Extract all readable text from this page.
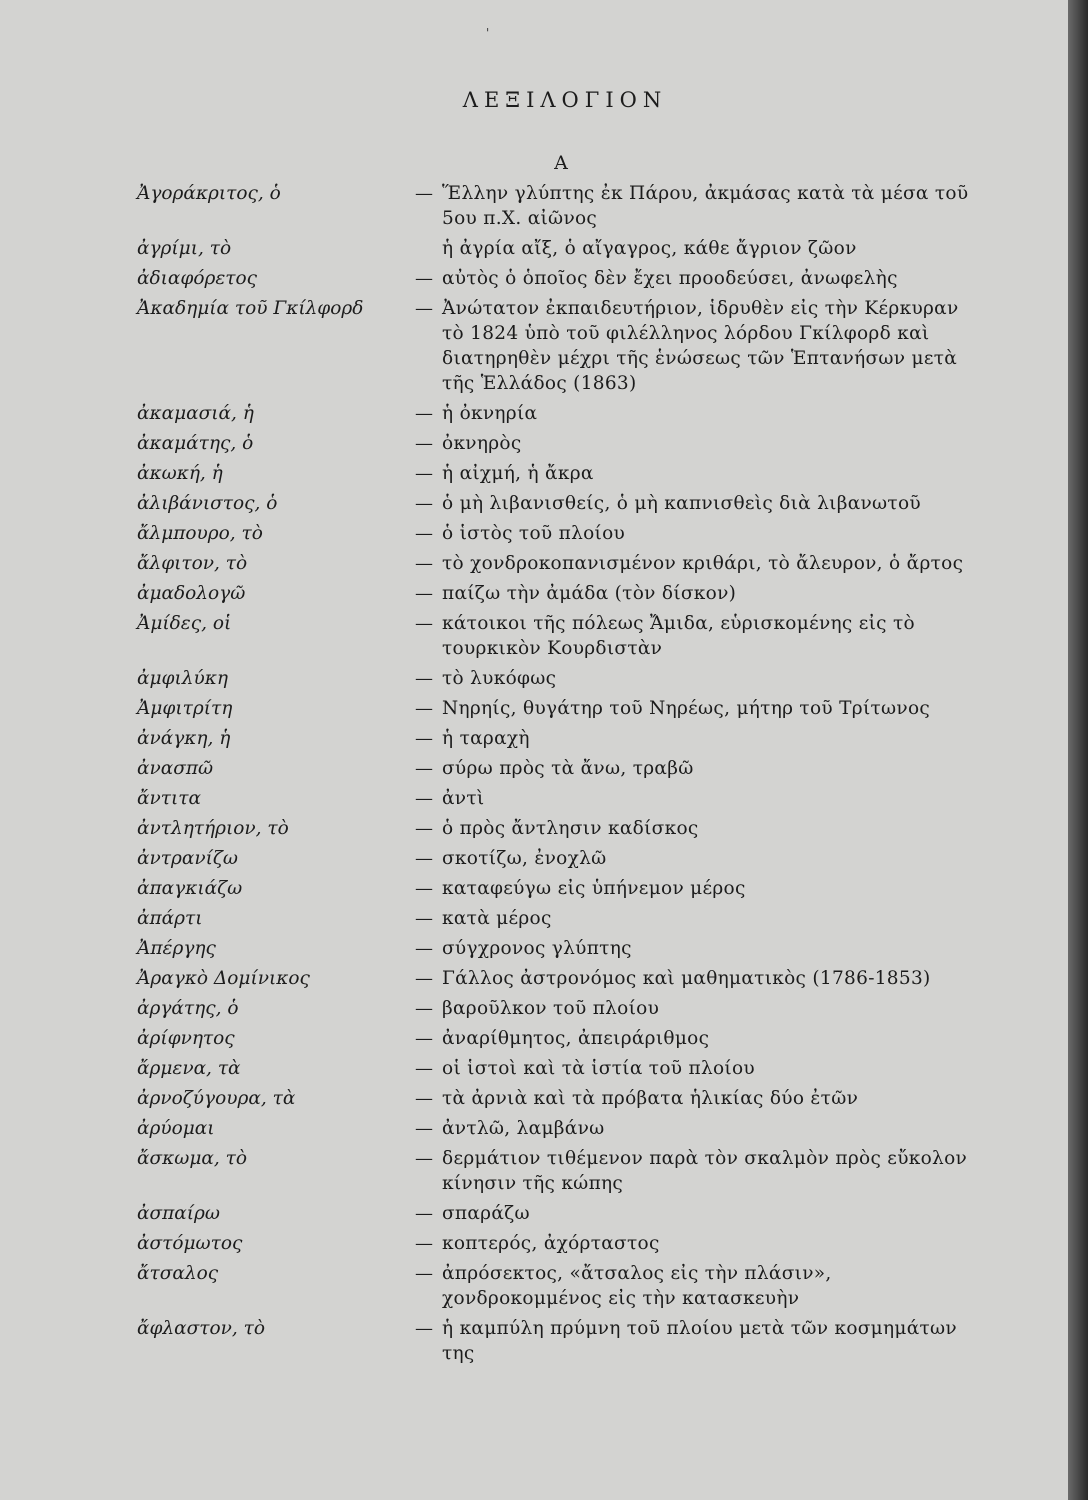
'
ΛΕΞΙΛΟΓΙΟΝ
Α
Ἀγοράκριτος, ὁ	— Ἕλλην γλύπτης ἐκ Πάρου, ἀκμάσας κατὰ τὰ μέσα τοῦ 5ου π.Χ. αἰῶνος
ἀγρίμι, τὸ	ἡ ἀγρία αἴξ, ὁ αἴγαγρος, κάθε ἄγριον ζῶον
ἀδιαφόρετος	— αὐτὸς ὁ ὁποῖος δὲν ἔχει προοδεύσει, ἀνωφελὴς
Ἀκαδημία τοῦ Γκίλφορδ	— Ἀνώτατον ἐκπαιδευτήριον, ἱδρυθὲν εἰς τὴν Κέρκυραν τὸ 1824 ὑπὸ τοῦ φιλέλληνος λόρδου Γκίλφορδ καὶ διατηρηθὲν μέχρι τῆς ἑνώσεως τῶν Ἑπτανήσων μετὰ τῆς Ἑλλάδος (1863)
ἀκαμασιά, ἡ	— ἡ ὀκνηρία
ἀκαμάτης, ὁ	— ὀκνηρὸς
ἀκωκή, ἡ	— ἡ αἰχμή, ἡ ἄκρα
ἀλιβάνιστος, ὁ	— ὁ μὴ λιβανισθείς, ὁ μὴ καπνισθεὶς διὰ λιβανωτοῦ
ἄλμπουρο, τὸ	— ὁ ἱστὸς τοῦ πλοίου
ἄλφιτον, τὸ	— τὸ χονδροκοπανισμένον κριθάρι, τὸ ἄλευρον, ὁ ἄρτος
ἀμαδολογῶ	— παίζω τὴν ἀμάδα (τὸν δίσκον)
Ἀμίδες, οἱ	— κάτοικοι τῆς πόλεως Ἄμιδα, εὑρισκομένης εἰς τὸ τουρκικὸν Κουρδιστὰν
ἀμφιλύκη	— τὸ λυκόφως
Ἀμφιτρίτη	— Νηρηίς, θυγάτηρ τοῦ Νηρέως, μήτηρ τοῦ Τρίτωνος
ἀνάγκη, ἡ	— ἡ ταραχὴ
ἀνασπῶ	— σύρω πρὸς τὰ ἄνω, τραβῶ
ἄντιτα	— ἀντὶ
ἀντλητήριον, τὸ	— ὁ πρὸς ἄντλησιν καδίσκος
ἀντρανίζω	— σκοτίζω, ἐνοχλῶ
ἀπαγκιάζω	— καταφεύγω εἰς ὑπήνεμον μέρος
ἀπάρτι	— κατὰ μέρος
Ἀπέργης	— σύγχρονος γλύπτης
Ἀραγκὸ Δομίνικος	— Γάλλος ἀστρονόμος καὶ μαθηματικὸς (1786-1853)
ἀργάτης, ὁ	— βαροῦλκον τοῦ πλοίου
ἀρίφνητος	— ἀναρίθμητος, ἀπειράριθμος
ἄρμενα, τὰ	— οἱ ἱστοὶ καὶ τὰ ἱστία τοῦ πλοίου
ἀρνοζύγουρα, τὰ	— τὰ ἀρνιὰ καὶ τὰ πρόβατα ἡλικίας δύο ἐτῶν
ἀρύομαι	— ἀντλῶ, λαμβάνω
ἄσκωμα, τὸ	— δερμάτιον τιθέμενον παρὰ τὸν σκαλμὸν πρὸς εὔκολον κίνησιν τῆς κώπης
ἀσπαίρω	— σπαράζω
ἀστόμωτος	— κοπτερός, ἀχόρταστος
ἄτσαλος	— ἀπρόσεκτος, «ἄτσαλος εἰς τὴν πλάσιν», χονδροκομμένος εἰς τὴν κατασκευὴν
ἄφλαστον, τὸ	— ἡ καμπύλη πρύμνη τοῦ πλοίου μετὰ τῶν κοσμημάτων της
